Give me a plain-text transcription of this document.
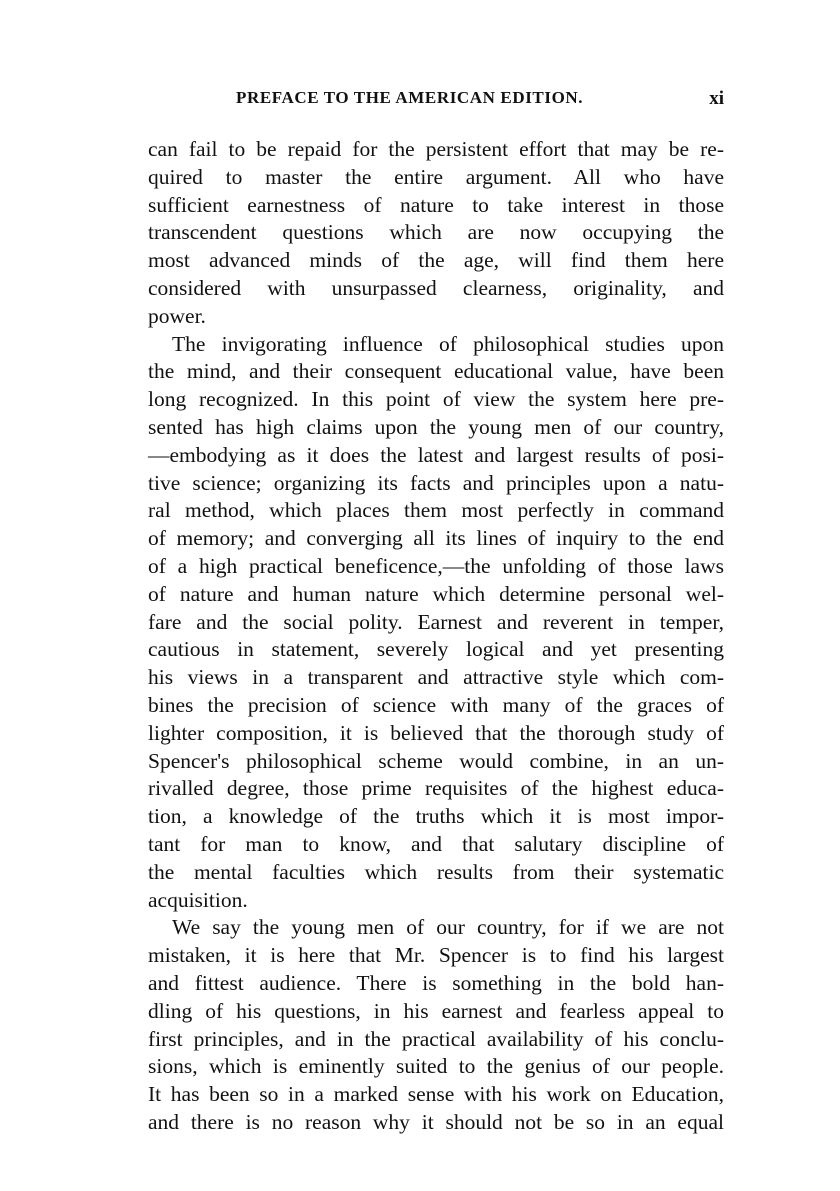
PREFACE TO THE AMERICAN EDITION.	xi
can fail to be repaid for the persistent effort that may be re-
quired to master the entire argument. All who have
sufficient earnestness of nature to take interest in those
transcendent questions which are now occupying the
most advanced minds of the age, will find them here
considered with unsurpassed clearness, originality, and
power.
The invigorating influence of philosophical studies upon
the mind, and their consequent educational value, have been
long recognized. In this point of view the system here pre-
sented has high claims upon the young men of our country,
—embodying as it does the latest and largest results of posi-
tive science; organizing its facts and principles upon a natu-
ral method, which places them most perfectly in command
of memory; and converging all its lines of inquiry to the end
of a high practical beneficence,—the unfolding of those laws
of nature and human nature which determine personal wel-
fare and the social polity. Earnest and reverent in temper,
cautious in statement, severely logical and yet presenting
his views in a transparent and attractive style which com-
bines the precision of science with many of the graces of
lighter composition, it is believed that the thorough study of
Spencer's philosophical scheme would combine, in an un-
rivalled degree, those prime requisites of the highest educa-
tion, a knowledge of the truths which it is most impor-
tant for man to know, and that salutary discipline of
the mental faculties which results from their systematic
acquisition.
We say the young men of our country, for if we are not
mistaken, it is here that Mr. Spencer is to find his largest
and fittest audience. There is something in the bold han-
dling of his questions, in his earnest and fearless appeal to
first principles, and in the practical availability of his conclu-
sions, which is eminently suited to the genius of our people.
It has been so in a marked sense with his work on Education,
and there is no reason why it should not be so in an equal
